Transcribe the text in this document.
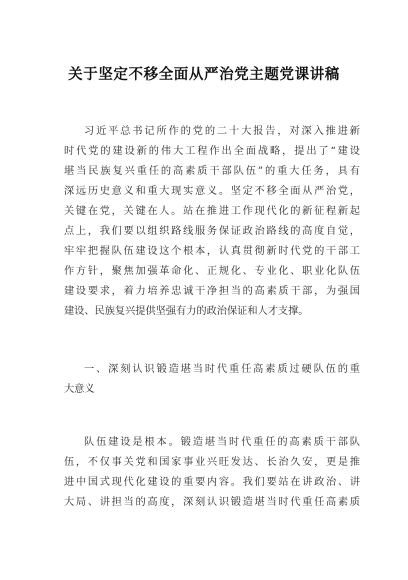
关于坚定不移全面从严治党主题党课讲稿
习近平总书记所作的党的二十大报告，对深入推进新
时代党的建设新的伟大工程作出全面战略，提出了“建设
堪当民族复兴重任的高素质干部队伍”的重大任务，具有
深远历史意义和重大现实意义。坚定不移全面从严治党，
关键在党，关键在人。站在推进工作现代化的新征程新起
点上，我们要以组织路线服务保证政治路线的高度自觉，
牢牢把握队伍建设这个根本，认真贯彻新时代党的干部工
作方针，聚焦加强革命化、正规化、专业化、职业化队伍
建设要求，着力培养忠诚干净担当的高素质干部，为强国
建设、民族复兴提供坚强有力的政治保证和人才支撑。
一、深刻认识锻造堪当时代重任高素质过硬队伍的重
大意义
队伍建设是根本。锻造堪当时代重任的高素质干部队
伍，不仅事关党和国家事业兴旺发达、长治久安，更是推
进中国式现代化建设的重要内容。我们要站在讲政治、讲
大局、讲担当的高度，深刻认识锻造堪当时代重任高素质
